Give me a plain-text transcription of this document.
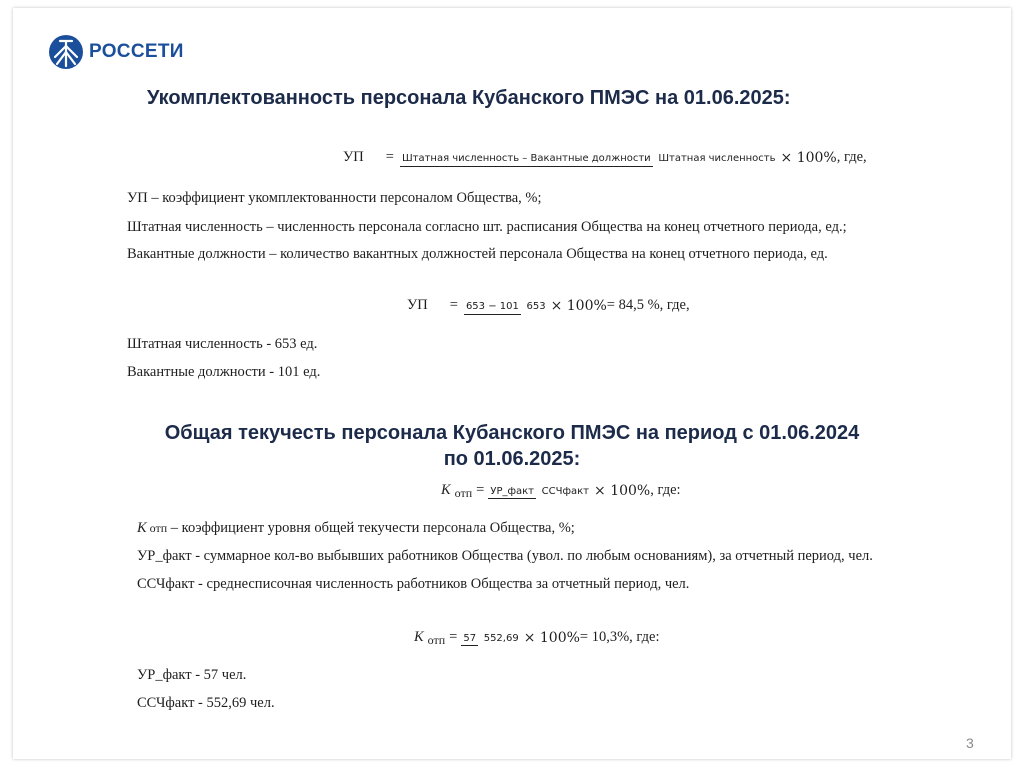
РОССЕТИ
Укомплектованность персонала Кубанского ПМЭС на 01.06.2025:
УП = Штатная численность – Вакантные должности Штатная численность × 100% , где,
УП – коэффициент укомплектованности персоналом Общества, %;
Штатная численность – численность персонала согласно шт. расписания Общества на конец отчетного периода, ед.;
Вакантные должности – количество вакантных должностей персонала Общества на конец отчетного периода, ед.
УП = 653 − 101 653 × 100% = 84,5 %, где,
Штатная численность - 653 ед.
Вакантные должности - 101 ед.
Общая текучесть персонала Кубанского ПМЭС на период с 01.06.2024
по 01.06.2025:
К отп = УР_факт ССЧфакт × 100% , где:
К отп – коэффициент уровня общей текучести персонала Общества, %;
УР_факт - суммарное кол-во выбывших работников Общества (увол. по любым основаниям), за отчетный период, чел.
ССЧфакт - среднесписочная численность работников Общества за отчетный период, чел.
К отп = 57 552,69 × 100% = 10,3%, где:
УР_факт - 57 чел.
ССЧфакт - 552,69 чел.
3
